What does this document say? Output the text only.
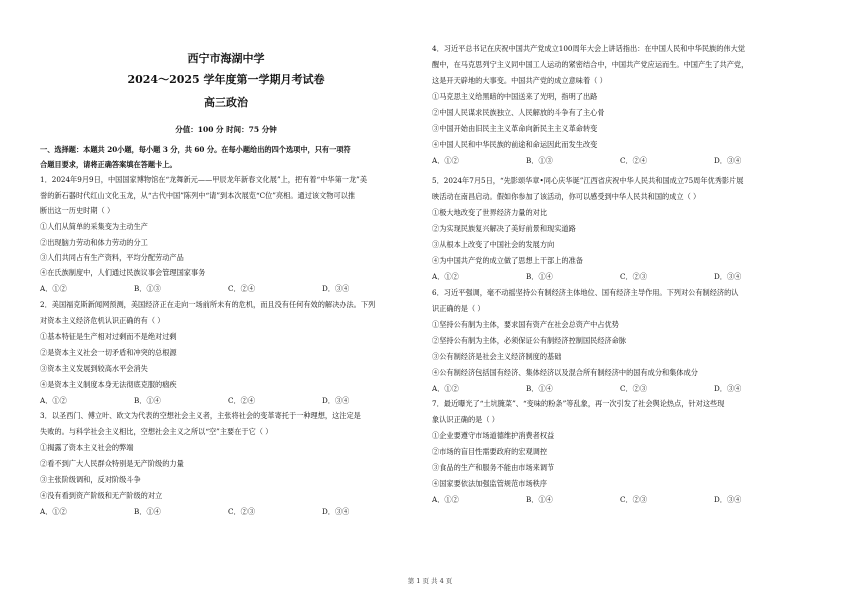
西宁市海湖中学
2024～2025 学年度第一学期月考试卷
高三政治
分值：100 分 时间：75 分钟
一、选择题：本题共 20小题，每小题 3 分，共 60 分。在每小题给出的四个选项中，只有一项符
合题目要求，请将正确答案填在答题卡上。
1．2024年9月9日，中国国家博物馆在“龙舞新元——甲辰龙年新春文化展”上，把有着“中华第一龙”美
誉的新石器时代红山文化玉龙，从“古代中国”陈列中“请”到本次展览“C位”亮相。通过该文物可以推
断出这一历史时期（ ）
①人们从简单的采集变为主动生产
②出现脑力劳动和体力劳动的分工
③人们共同占有生产资料，平均分配劳动产品
④在氏族制度中，人们通过民族议事会管理国家事务
A．①②	B．①③	C．②④	D．③④
2．美国福克斯新闻网预测，美国经济正在走向一场前所未有的危机，而且没有任何有效的解决办法。下列
对资本主义经济危机认识正确的有（ ）
①基本特征是生产相对过剩而不是绝对过剩
②是资本主义社会一切矛盾和冲突的总根源
③资本主义发展到较高水平会消失
④是资本主义制度本身无法彻底克服的痼疾
A．①②	B．①④	C．②④	D．③④
3．以圣西门、傅立叶、欧文为代表的空想社会主义者，主张将社会的变革寄托于一种理想，这注定是
失败的。与科学社会主义相比，空想社会主义之所以“空”主要在于它（ ）
①揭露了资本主义社会的弊端
②看不到广大人民群众特别是无产阶级的力量
③主张阶级调和，反对阶级斗争
④没有看到资产阶级和无产阶级的对立
A．①②	B．①④	C．②③	D．③④
4．习近平总书记在庆祝中国共产党成立100周年大会上讲话指出：在中国人民和中华民族的伟大觉
醒中，在马克思列宁主义同中国工人运动的紧密结合中，中国共产党应运而生。中国产生了共产党，
这是开天辟地的大事变。中国共产党的成立意味着（ ）
①马克思主义给黑暗的中国送来了光明，指明了出路
②中国人民谋求民族独立、人民解放的斗争有了主心骨
③中国开始由旧民主主义革命向新民主主义革命转变
④中国人民和中华民族的前途和命运因此而发生改变
A．①②	B．①③	C．②④	D．③④
5．2024年7月5日，“先影颂华章•同心庆华诞”江西省庆祝中华人民共和国成立75周年优秀影片展
映活动在南昌启动。假如你参加了该活动，你可以感受到中华人民共和国的成立（ ）
①极大地改变了世界经济力量的对比
②为实现民族复兴解决了美好前景和现实道路
③从根本上改变了中国社会的发展方向
④为中国共产党的成立做了思想上干部上的准备
A．①②	B．①④	C．②③	D．③④
6．习近平强调，毫不动摇坚持公有制经济主体地位、国有经济主导作用。下列对公有制经济的认
识正确的是（ ）
①坚持公有制为主体，要求国有资产在社会总资产中占优势
②坚持公有制为主体，必须保证公有制经济控制国民经济命脉
③公有制经济是社会主义经济制度的基础
④公有制经济包括国有经济、集体经济以及混合所有制经济中的国有成分和集体成分
A．①②	B．①④	C．②③	D．③④
7．最近曝光了“土坑腌菜”、“变味的粉条”等乱象，再一次引发了社会舆论热点，针对这些现
象认识正确的是（ ）
①企业要遵守市场道德维护消费者权益
②市场的盲目性需要政府的宏观调控
③食品的生产和服务不能由市场来调节
④国家要依法加强监管规范市场秩序
A．①②	B．①④	C．②③	D．③④
第 1 页 共 4 页
